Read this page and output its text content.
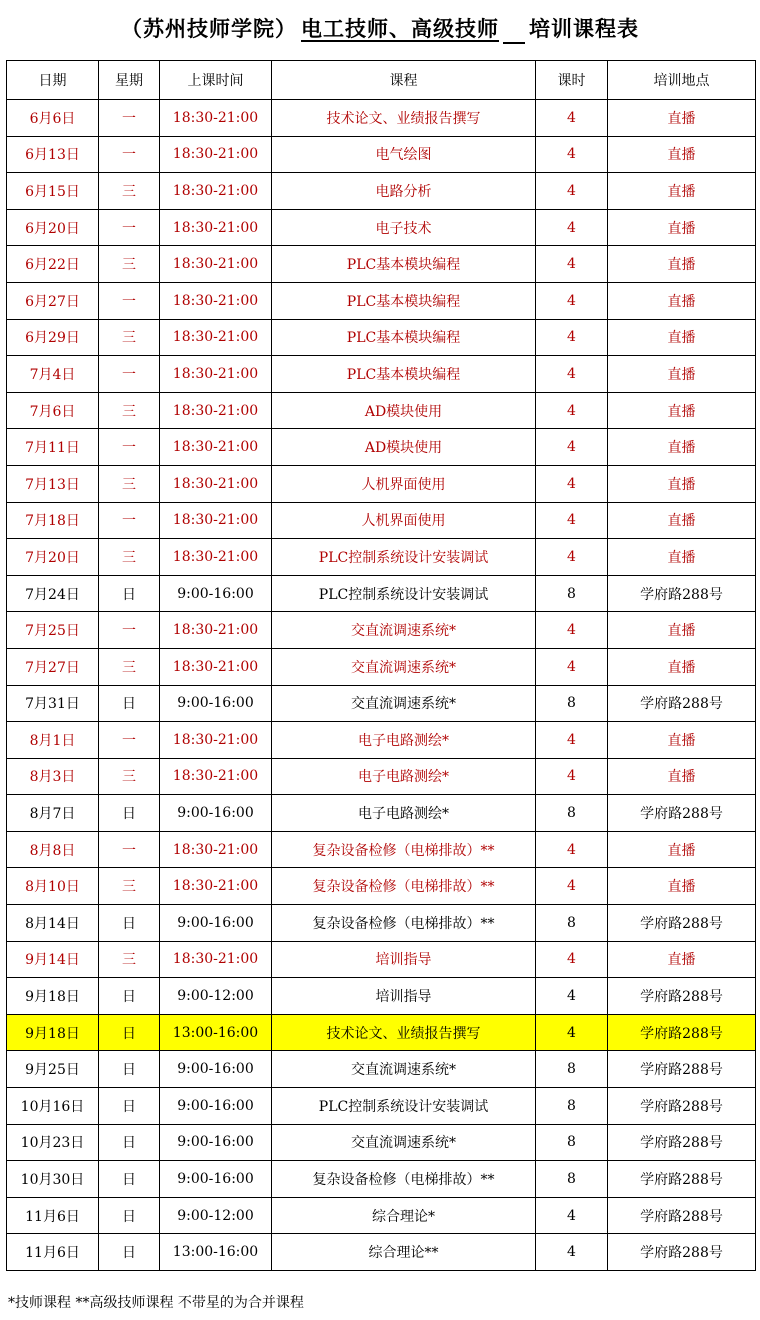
（苏州技师学院） 电工技师、高级技师 培训课程表
日期	星期	上课时间	课程	课时	培训地点
6月6日	一	18:30-21:00	技术论文、业绩报告撰写	4	直播
6月13日	一	18:30-21:00	电气绘图	4	直播
6月15日	三	18:30-21:00	电路分析	4	直播
6月20日	一	18:30-21:00	电子技术	4	直播
6月22日	三	18:30-21:00	PLC基本模块编程	4	直播
6月27日	一	18:30-21:00	PLC基本模块编程	4	直播
6月29日	三	18:30-21:00	PLC基本模块编程	4	直播
7月4日	一	18:30-21:00	PLC基本模块编程	4	直播
7月6日	三	18:30-21:00	AD模块使用	4	直播
7月11日	一	18:30-21:00	AD模块使用	4	直播
7月13日	三	18:30-21:00	人机界面使用	4	直播
7月18日	一	18:30-21:00	人机界面使用	4	直播
7月20日	三	18:30-21:00	PLC控制系统设计安装调试	4	直播
7月24日	日	9:00-16:00	PLC控制系统设计安装调试	8	学府路288号
7月25日	一	18:30-21:00	交直流调速系统*	4	直播
7月27日	三	18:30-21:00	交直流调速系统*	4	直播
7月31日	日	9:00-16:00	交直流调速系统*	8	学府路288号
8月1日	一	18:30-21:00	电子电路测绘*	4	直播
8月3日	三	18:30-21:00	电子电路测绘*	4	直播
8月7日	日	9:00-16:00	电子电路测绘*	8	学府路288号
8月8日	一	18:30-21:00	复杂设备检修（电梯排故）**	4	直播
8月10日	三	18:30-21:00	复杂设备检修（电梯排故）**	4	直播
8月14日	日	9:00-16:00	复杂设备检修（电梯排故）**	8	学府路288号
9月14日	三	18:30-21:00	培训指导	4	直播
9月18日	日	9:00-12:00	培训指导	4	学府路288号
9月18日	日	13:00-16:00	技术论文、业绩报告撰写	4	学府路288号
9月25日	日	9:00-16:00	交直流调速系统*	8	学府路288号
10月16日	日	9:00-16:00	PLC控制系统设计安装调试	8	学府路288号
10月23日	日	9:00-16:00	交直流调速系统*	8	学府路288号
10月30日	日	9:00-16:00	复杂设备检修（电梯排故）**	8	学府路288号
11月6日	日	9:00-12:00	综合理论*	4	学府路288号
11月6日	日	13:00-16:00	综合理论**	4	学府路288号
*技师课程 **高级技师课程 不带星的为合并课程
